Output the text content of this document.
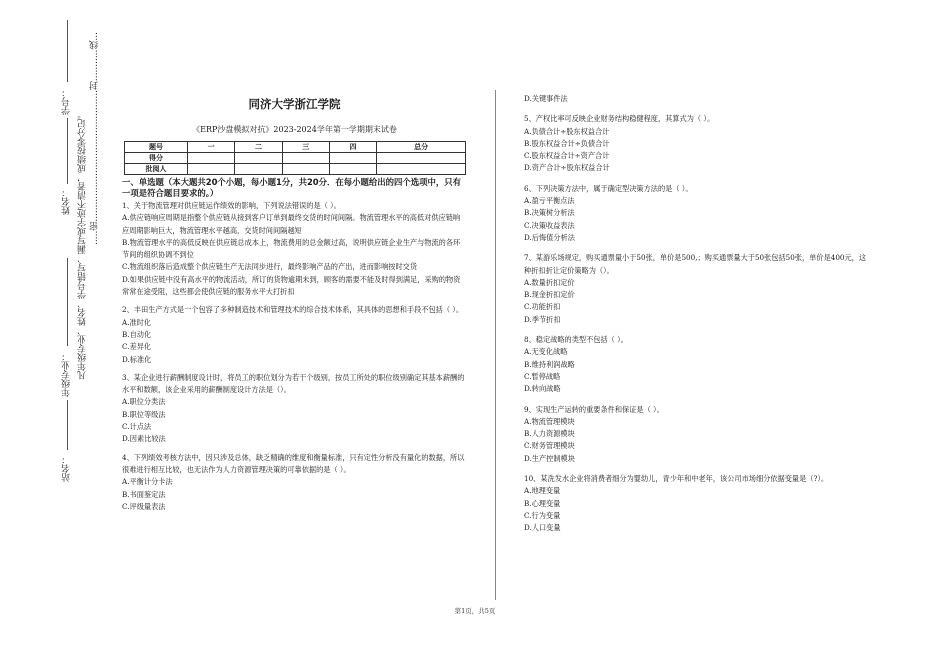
学号：
姓名：
年级专业：
站名：
凡年级专业、姓名、学号错写、漏写或字迹不清者，成绩按零分记。 .....密..............................................封...........线...	同济大学浙江学院
《ERP沙盘模拟对抗》2023-2024学年第一学期期末试卷
题号	一	二	三	四	总分
得分					
批阅人					
一、单选题（本大题共20个小题，每小题1分，共20分．在每小题给出的四个选项中，只有一项是符合题目要求的。）
1、关于物流管理对供应链运作绩效的影响，下列说法错误的是（ ）。
A.供应链响应周期是指整个供应链从接到客户订单到最终交货的时间间隔。物流管理水平的高低对供应链响应周期影响巨大，物流管理水平越高，交货时间间隔越短
B.物流管理水平的高低反映在供应链总成本上，物流费用的总金额过高，说明供应链企业生产与物流的各环节间的组织协调不到位
C.物流组织落后造成整个供应链生产无法同步进行，最终影响产品的产出，进而影响按时交货
D.如果供应链中没有高水平的物流活动，所订的货物逾期未到，顾客的需要不能及时得到满足，采购的物资常常在途受阻，这些都会使供应链的服务水平大打折扣
2、丰田生产方式是一个包容了多种制造技术和管理技术的综合技术体系，其具体的思想和手段不包括（ ）。
A.准时化
B.自动化
C.差异化
D.标准化
3、某企业进行薪酬制度设计时，将员工的职位划分为若干个级别，按员工所处的职位级别确定其基本薪酬的水平和数额，该企业采用的薪酬制度设计方法是（）。
A.职位分类法
B.职位等级法
C.计点法
D.因素比较法
4、下列绩效考核方法中，因只涉及总体，缺乏精确的维度和衡量标准，只有定性分析没有量化的数据，所以很难进行相互比较，也无法作为人力资源管理决策的可靠依据的是（ ）。
A.平衡计分卡法
B.书面鉴定法
C.评级量表法
D.关键事件法
5、产权比率可反映企业财务结构稳健程度，其算式为（ ）。
A.负债合计÷股东权益合计
B.股东权益合计÷负债合计
C.股东权益合计÷资产合计
D.资产合计÷股东权益合计
6、下列决策方法中，属于确定型决策方法的是（ ）。
A.盈亏平衡点法
B.决策树分析法
C.决策收益表法
D.后悔值分析法
7、某游乐场规定，购买通票量小于50张，单价是500,；购买通票量大于50张包括50张，单价是400元，这种折扣折让定价策略为（）。
A.数量折扣定价
B.现金折扣定价
C.功能折扣
D.季节折扣
8、稳定战略的类型不包括（ ）。
A.无变化战略
B.维持利润战略
C.暂停战略
D.转向战略
9、实现生产运转的重要条件和保证是（ ）。
A.物流管理模块
B.人力资源模块
C.财务管理模块
D.生产控制模块
10、某洗发水企业将消费者细分为婴幼儿，青少年和中老年，该公司市场细分依据变量是（?）。
A.地理变量
B.心理变量
C.行为变量
D.人口变量
第1页，共5页
